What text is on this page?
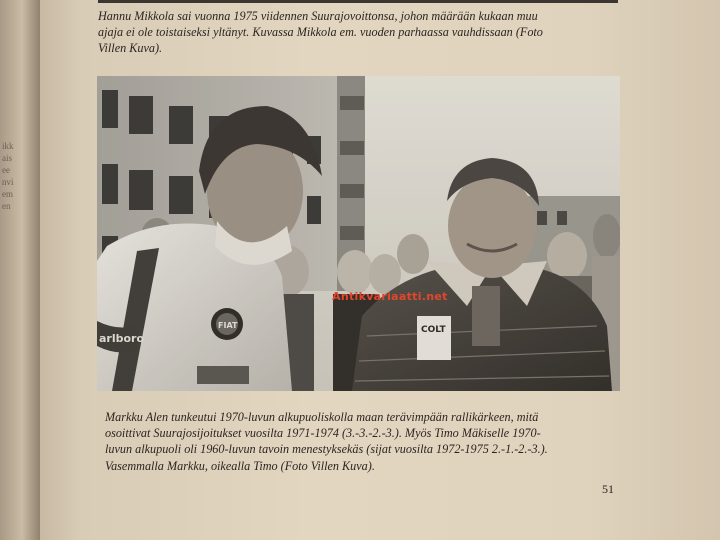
ikkaiseenviemen

Hannu Mikkola sai vuonna 1975 viidennen Suurajovoittonsa, johon määrään kukaan muu
ajaja ei ole toistaiseksi yltänyt. Kuvassa Mikkola em. vuoden parhaassa vauhdissaan (Foto
Villen Kuva).

arlboro
FIAT	COLT
Antikvariaatti.net

Markku Alen tunkeutui 1970-luvun alkupuoliskolla maan terävimpään rallikärkeen, mitä
osoittivat Suurajosijoitukset vuosilta 1971-1974 (3.-3.-2.-3.). Myös Timo Mäkiselle 1970-
luvun alkupuoli oli 1960-luvun tavoin menestyksekäs (sijat vuosilta 1972-1975 2.-1.-2.-3.).
Vasemmalla Markku, oikealla Timo (Foto Villen Kuva).

51
